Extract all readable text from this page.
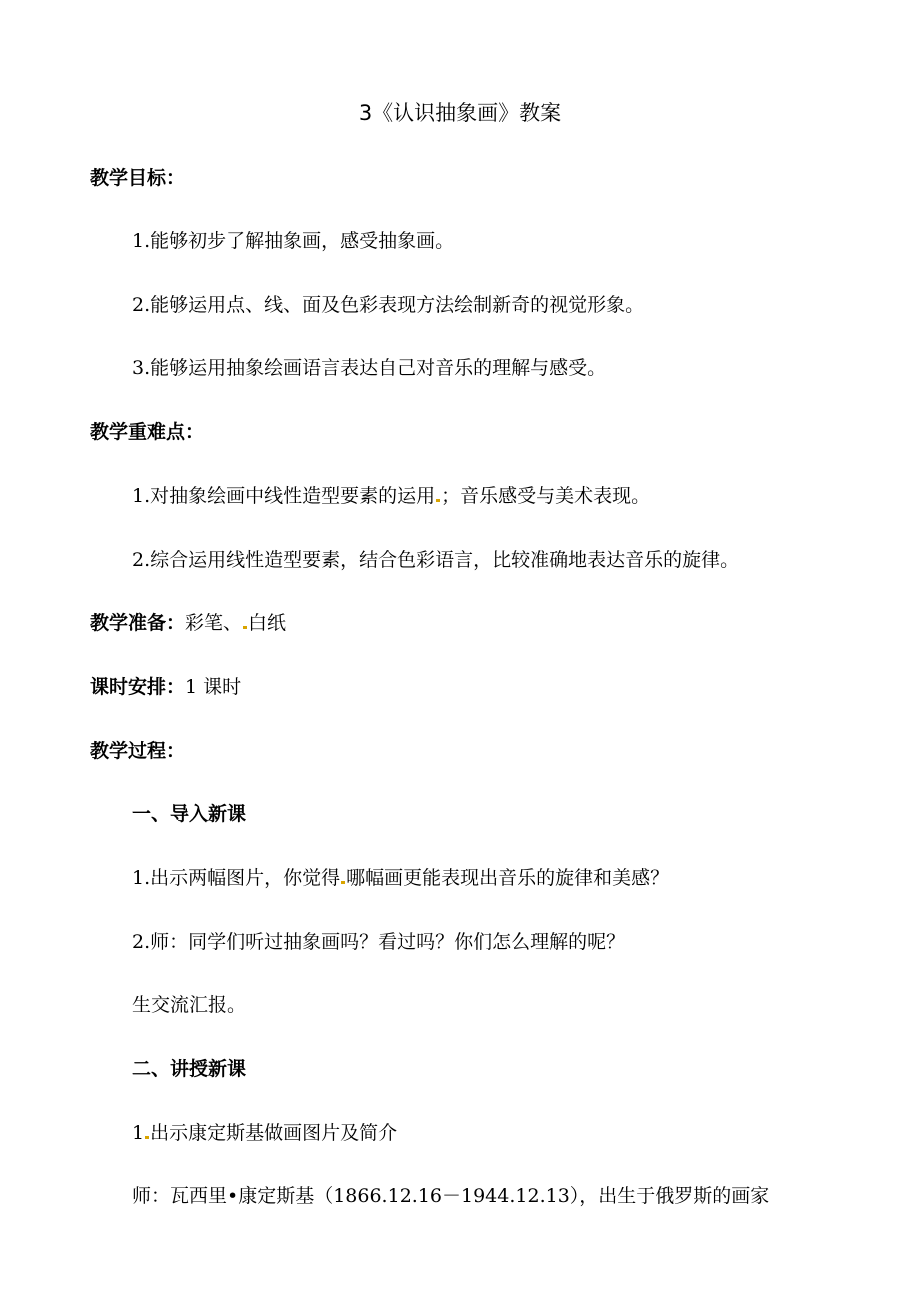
3《认识抽象画》教案
教学目标：
1.能够初步了解抽象画，感受抽象画。
2.能够运用点、线、面及色彩表现方法绘制新奇的视觉形象。
3.能够运用抽象绘画语言表达自己对音乐的理解与感受。
教学重难点：
1.对抽象绘画中线性造型要素的运用 ；音乐感受与美术表现。
2.综合运用线性造型要素，结合色彩语言，比较准确地表达音乐的旋律。
教学准备：彩笔、 白纸
课时安排：1 课时
教学过程：
一、导入新课
1.出示两幅图片，你觉得 哪幅画更能表现出音乐的旋律和美感？
2.师：同学们听过抽象画吗？看过吗？你们怎么理解的呢？
生交流汇报。
二、讲授新课
1 出示康定斯基做画图片及简介
师：瓦西里•康定斯基（1866.12.16－1944.12.13），出生于俄罗斯的画家
